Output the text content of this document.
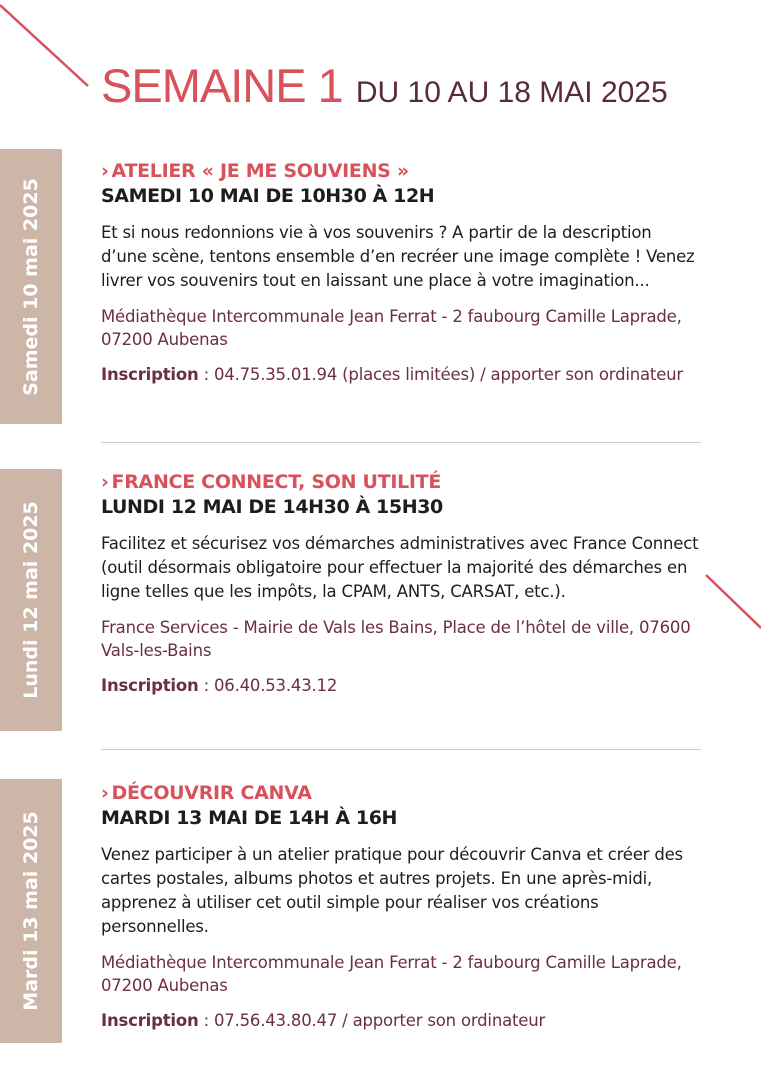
SEMAINE 1 DU 10 AU 18 MAI 2025
Samedi 10 mai 2025
› ATELIER « JE ME SOUVIENS »
SAMEDI 10 MAI DE 10H30 À 12H
Et si nous redonnions vie à vos souvenirs ? A partir de la description d’une scène, tentons ensemble d’en recréer une image complète ! Venez livrer vos souvenirs tout en laissant une place à votre imagination...
Médiathèque Intercommunale Jean Ferrat - 2 faubourg Camille Laprade, 07200 Aubenas
Inscription : 04.75.35.01.94 (places limitées) / apporter son ordinateur
Lundi 12 mai 2025
› FRANCE CONNECT, SON UTILITÉ
LUNDI 12 MAI DE 14H30 À 15H30
Facilitez et sécurisez vos démarches administratives avec France Connect (outil désormais obligatoire pour effectuer la majorité des démarches en ligne telles que les impôts, la CPAM, ANTS, CARSAT, etc.).
France Services - Mairie de Vals les Bains, Place de l’hôtel de ville, 07600 Vals-les-Bains
Inscription : 06.40.53.43.12
Mardi 13 mai 2025
› DÉCOUVRIR CANVA
MARDI 13 MAI DE 14H À 16H
Venez participer à un atelier pratique pour découvrir Canva et créer des cartes postales, albums photos et autres projets. En une après-midi, apprenez à utiliser cet outil simple pour réaliser vos créations personnelles.
Médiathèque Intercommunale Jean Ferrat - 2 faubourg Camille Laprade, 07200 Aubenas
Inscription : 07.56.43.80.47 / apporter son ordinateur
